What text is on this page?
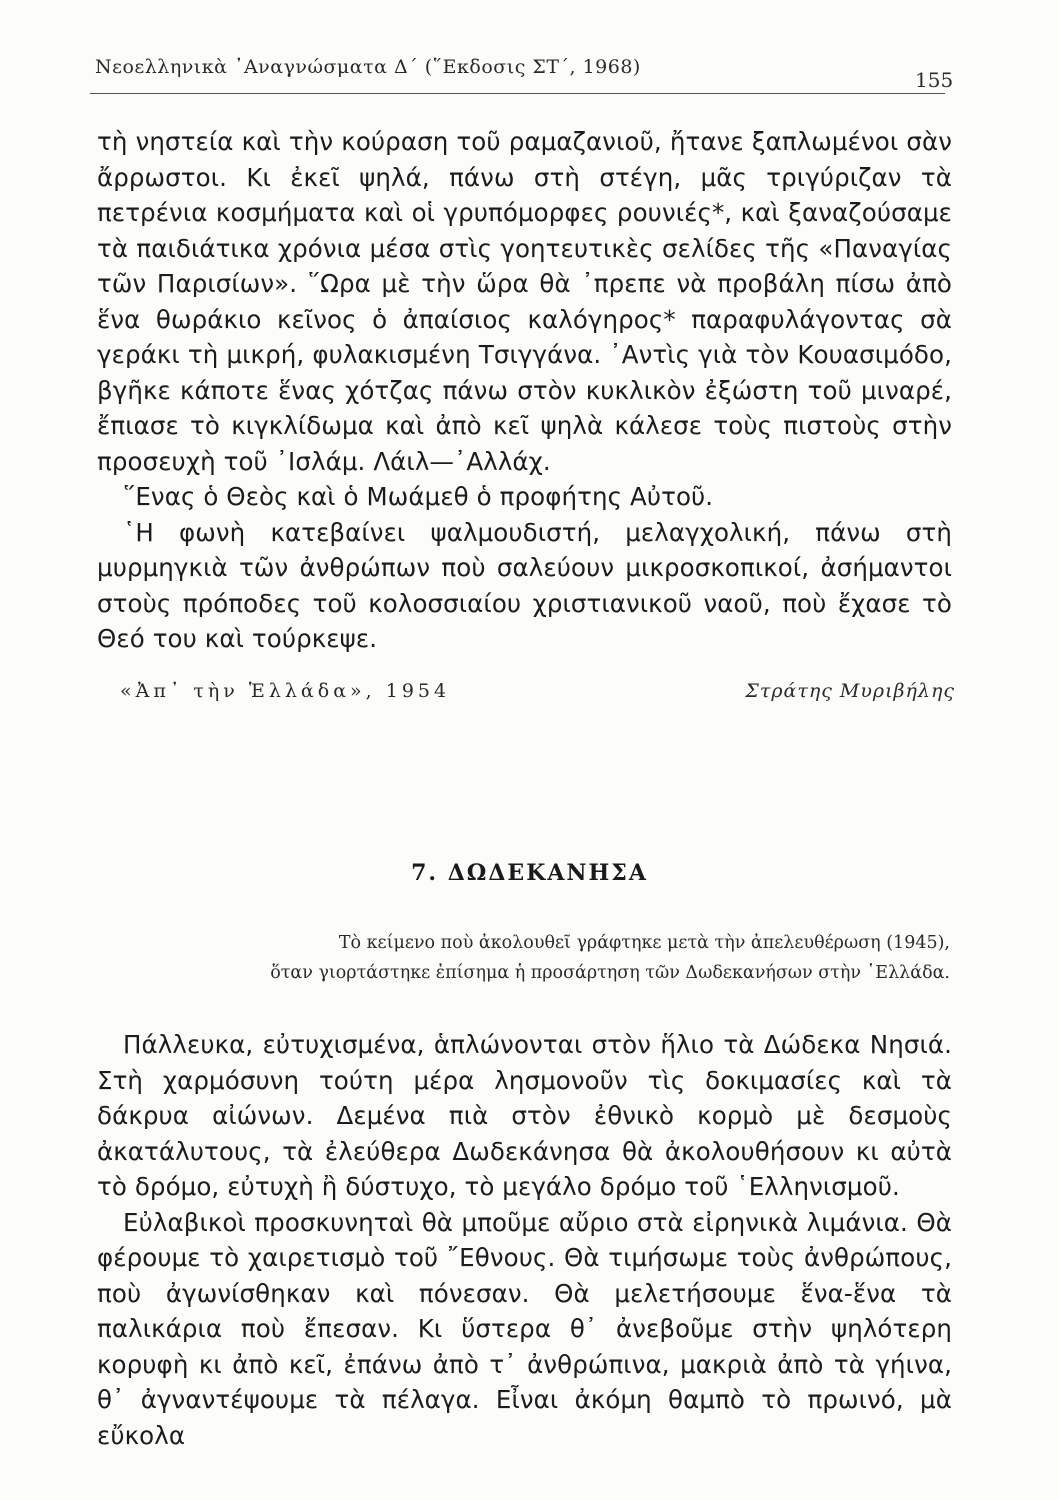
Νεοελληνικὰ ᾽Αναγνώσματα Δ΄ (῞Εκδοσις ΣΤ΄, 1968)
155

τὴ νηστεία καὶ τὴν κούραση τοῦ ραμαζανιοῦ, ἤτανε ξαπλωμένοι σὰν ἄρρωστοι. Κι ἐκεῖ ψηλά, πάνω στὴ στέγη, μᾶς τριγύριζαν τὰ πετρένια κοσμήματα καὶ οἱ γρυπόμορφες ρουνιές*, καὶ ξαναζούσαμε τὰ παιδιάτικα χρόνια μέσα στὶς γοητευτικὲς σελίδες τῆς «Παναγίας τῶν Παρισίων». ῞Ωρα μὲ τὴν ὥρα θὰ ᾽πρεπε νὰ προβάλη πίσω ἀπὸ ἕνα θωράκιο κεῖνος ὁ ἀπαίσιος καλόγηρος* παραφυλάγοντας σὰ γεράκι τὴ μικρή, φυλακισμένη Τσιγγάνα. ᾽Αντὶς γιὰ τὸν Κουασιμόδο, βγῆκε κάποτε ἕνας χότζας πάνω στὸν κυκλικὸν ἐξώστη τοῦ μιναρέ, ἔπιασε τὸ κιγκλίδωμα καὶ ἀπὸ κεῖ ψηλὰ κάλεσε τοὺς πιστοὺς στὴν προσευχὴ τοῦ ᾽Ισλάμ. Λάιλ—᾽Αλλάχ.

῞Ενας ὁ Θεὸς καὶ ὁ Μωάμεθ ὁ προφήτης Αὐτοῦ.

῾Η φωνὴ κατεβαίνει ψαλμουδιστή, μελαγχολική, πάνω στὴ μυρμηγκιὰ τῶν ἀνθρώπων ποὺ σαλεύουν μικροσκοπικοί, ἀσήμαντοι στοὺς πρόποδες τοῦ κολοσσιαίου χριστιανικοῦ ναοῦ, ποὺ ἔχασε τὸ Θεό του καὶ τούρκεψε.

«Ἀπ᾽ τὴν Ἑλλάδα», 1954	Στράτης Μυριβήλης
7. ΔΩΔΕΚΑΝΗΣΑ
Τὸ κείμενο ποὺ ἀκολουθεῖ γράφτηκε μετὰ τὴν ἀπελευθέρωση (1945),
ὅταν γιορτάστηκε ἐπίσημα ἡ προσάρτηση τῶν Δωδεκανήσων στὴν ῾Ελλάδα.

Πάλλευκα, εὐτυχισμένα, ἁπλώνονται στὸν ἥλιο τὰ Δώδεκα Νησιά. Στὴ χαρμόσυνη τούτη μέρα λησμονοῦν τὶς δοκιμασίες καὶ τὰ δάκρυα αἰώνων. Δεμένα πιὰ στὸν ἐθνικὸ κορμὸ μὲ δεσμοὺς ἀκατάλυτους, τὰ ἐλεύθερα Δωδεκάνησα θὰ ἀκολουθήσουν κι αὐτὰ τὸ δρόμο, εὐτυχὴ ἢ δύστυχο, τὸ μεγάλο δρόμο τοῦ ῾Ελληνισμοῦ.

Εὐλαβικοὶ προσκυνηταὶ θὰ μποῦμε αὔριο στὰ εἰρηνικὰ λιμάνια. Θὰ φέρουμε τὸ χαιρετισμὸ τοῦ ῎Εθνους. Θὰ τιμήσωμε τοὺς ἀνθρώπους, ποὺ ἀγωνίσθηκαν καὶ πόνεσαν. Θὰ μελετήσουμε ἕνα-ἕνα τὰ παλικάρια ποὺ ἔπεσαν. Κι ὕστερα θ᾽ ἀνεβοῦμε στὴν ψηλότερη κορυφὴ κι ἀπὸ κεῖ, ἐπάνω ἀπὸ τ᾽ ἀνθρώπινα, μακριὰ ἀπὸ τὰ γήινα, θ᾽ ἀγναντέψουμε τὰ πέλαγα. Εἶναι ἀκόμη θαμπὸ τὸ πρωινό, μὰ εὔκολα
